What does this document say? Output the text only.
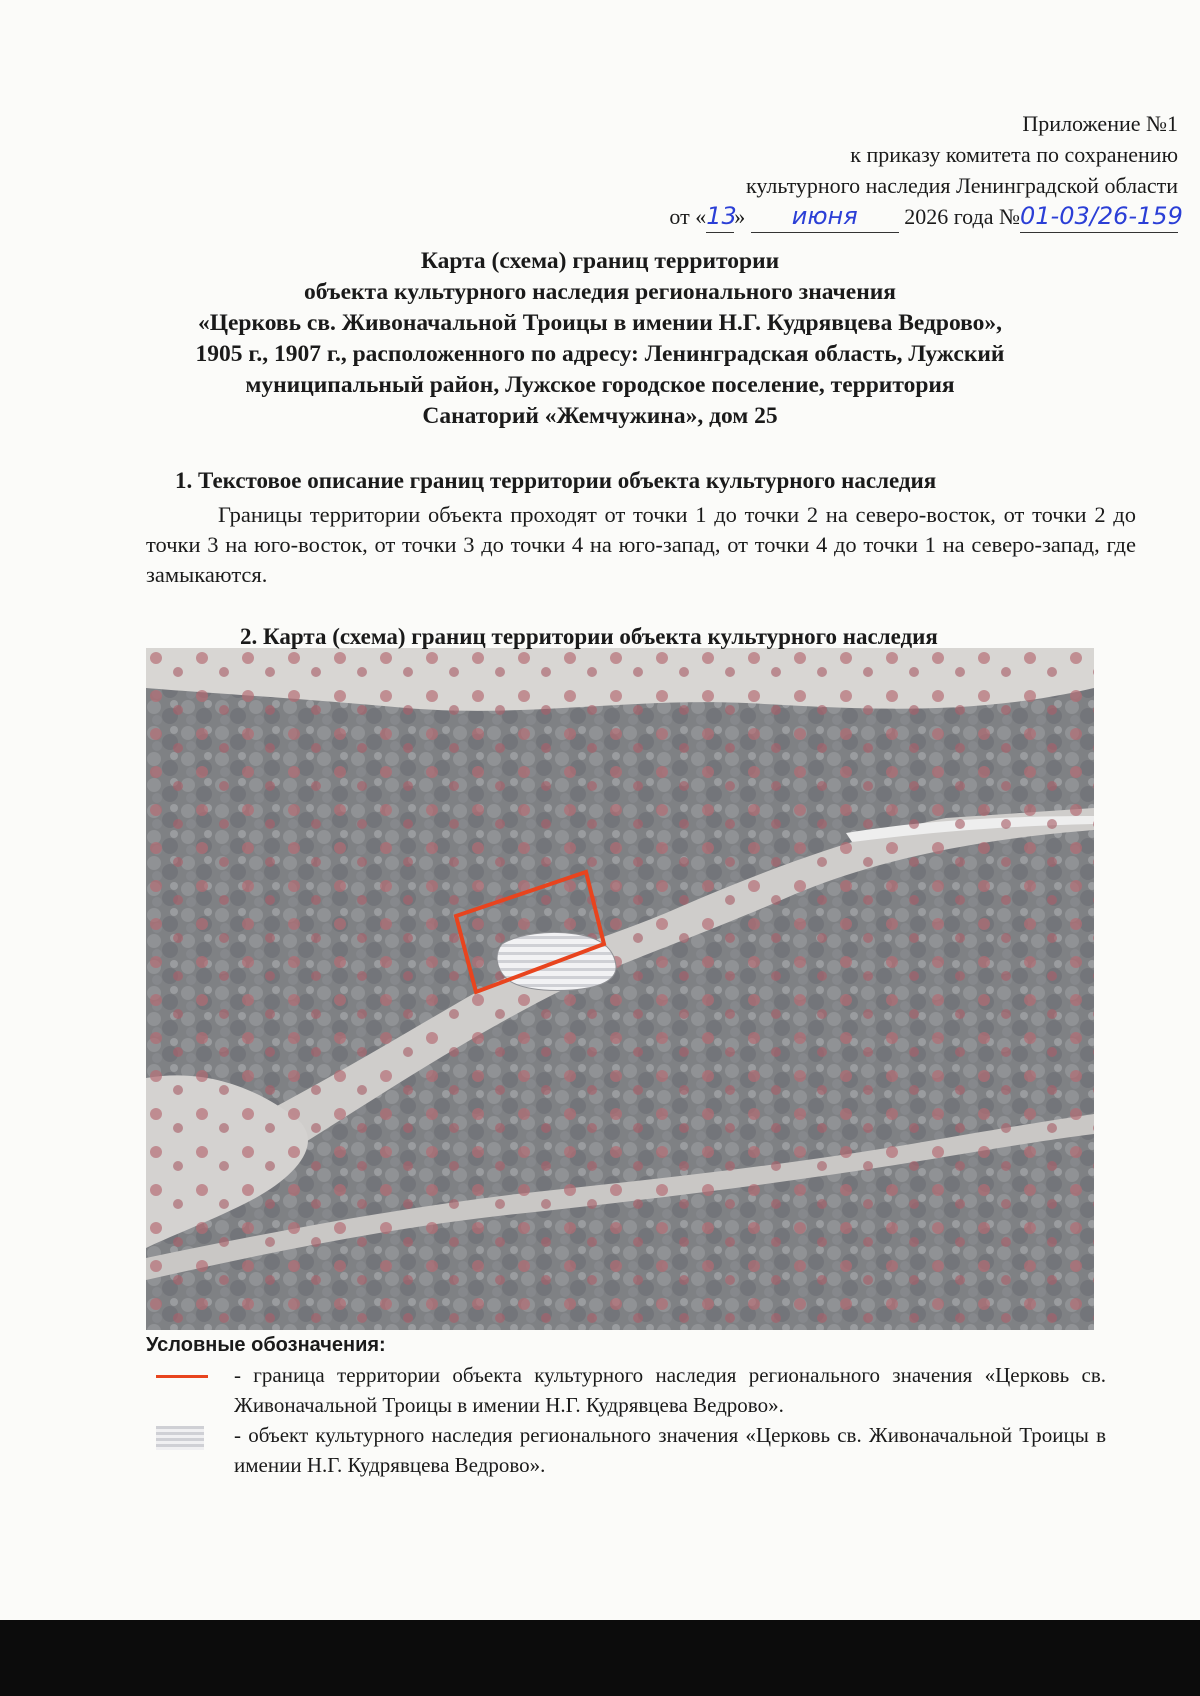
Приложение №1
к приказу комитета по сохранению
культурного наследия Ленинградской области
от «13» июня 2026 года №01-03/26-159
Карта (схема) границ территории
объекта культурного наследия регионального значения
«Церковь св. Живоначальной Троицы в имении Н.Г. Кудрявцева Ведрово»,
1905 г., 1907 г., расположенного по адресу: Ленинградская область, Лужский
муниципальный район, Лужское городское поселение, территория
Санаторий «Жемчужина», дом 25
1. Текстовое описание границ территории объекта культурного наследия
Границы территории объекта проходят от точки 1 до точки 2 на северо-восток, от точки 2 до точки 3 на юго-восток, от точки 3 до точки 4 на юго-запад, от точки 4 до точки 1 на северо-запад, где замыкаются.
2. Карта (схема) границ территории объекта культурного наследия
Условные обозначения:
- граница территории объекта культурного наследия регионального значения «Церковь св. Живоначальной Троицы в имении Н.Г. Кудрявцева Ведрово».
- объект культурного наследия регионального значения «Церковь св. Живоначальной Троицы в имении Н.Г. Кудрявцева Ведрово».
